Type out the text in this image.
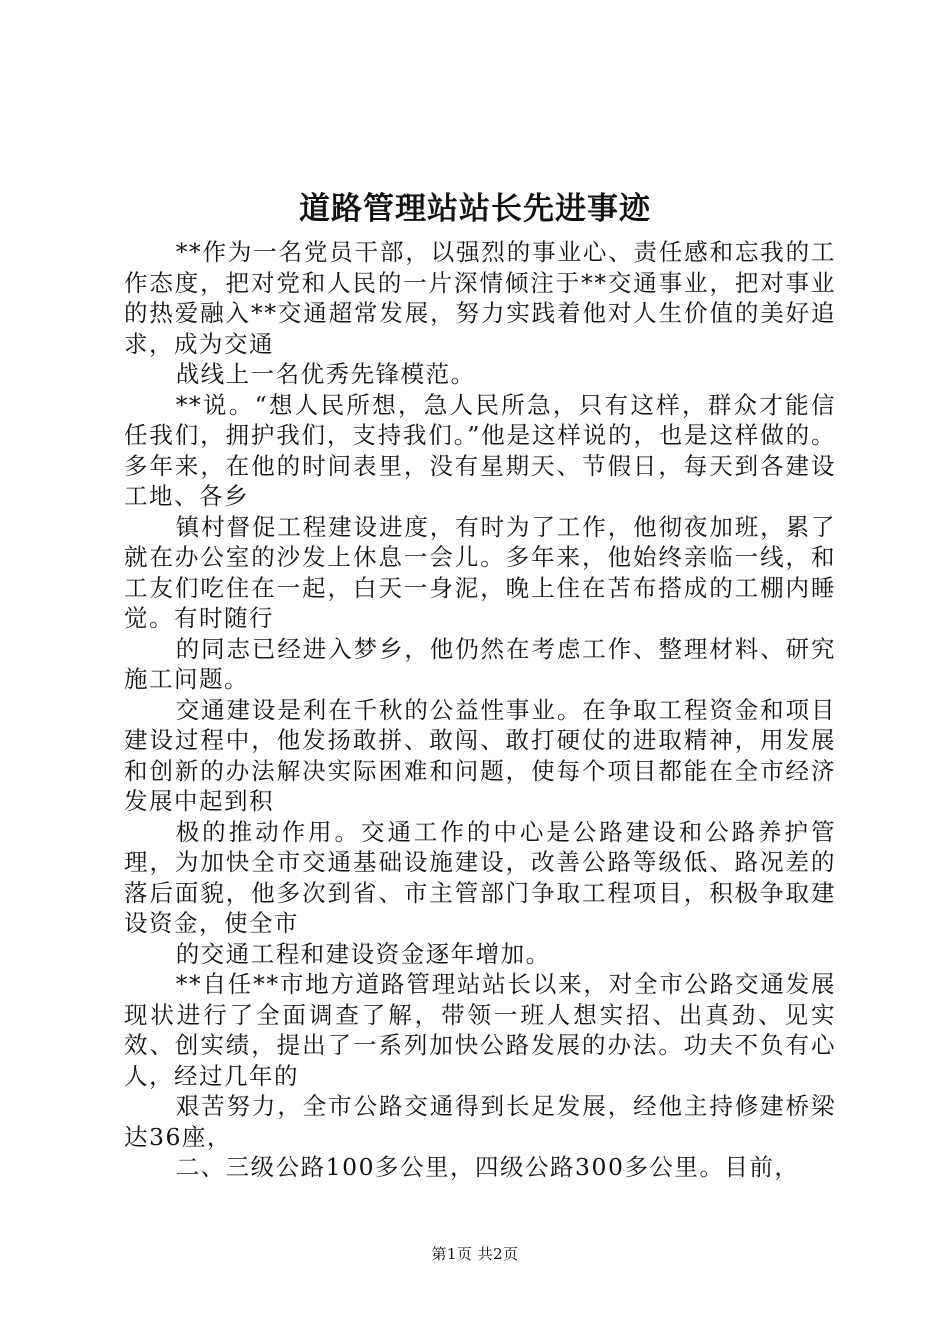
道路管理站站长先进事迹

**作为一名党员干部，以强烈的事业心、责任感和忘我的工作态度，把对党和人民的一片深情倾注于**交通事业，把对事业的热爱融入**交通超常发展，努力实践着他对人生价值的美好追求，成为交通

战线上一名优秀先锋模范。

**说。“想人民所想，急人民所急，只有这样，群众才能信任我们，拥护我们，支持我们。”他是这样说的，也是这样做的。多年来，在他的时间表里，没有星期天、节假日，每天到各建设工地、各乡

镇村督促工程建设进度，有时为了工作，他彻夜加班，累了就在办公室的沙发上休息一会儿。多年来，他始终亲临一线，和工友们吃住在一起，白天一身泥，晚上住在苫布搭成的工棚内睡觉。有时随行

的同志已经进入梦乡，他仍然在考虑工作、整理材料、研究施工问题。

交通建设是利在千秋的公益性事业。在争取工程资金和项目建设过程中，他发扬敢拼、敢闯、敢打硬仗的进取精神，用发展和创新的办法解决实际困难和问题，使每个项目都能在全市经济发展中起到积

极的推动作用。交通工作的中心是公路建设和公路养护管理，为加快全市交通基础设施建设，改善公路等级低、路况差的落后面貌，他多次到省、市主管部门争取工程项目，积极争取建设资金，使全市

的交通工程和建设资金逐年增加。

**自任**市地方道路管理站站长以来，对全市公路交通发展现状进行了全面调查了解，带领一班人想实招、出真劲、见实效、创实绩，提出了一系列加快公路发展的办法。功夫不负有心人，经过几年的

艰苦努力，全市公路交通得到长足发展，经他主持修建桥梁达36座，

二、三级公路100多公里，四级公路300多公里。目前，

第1页 共2页
